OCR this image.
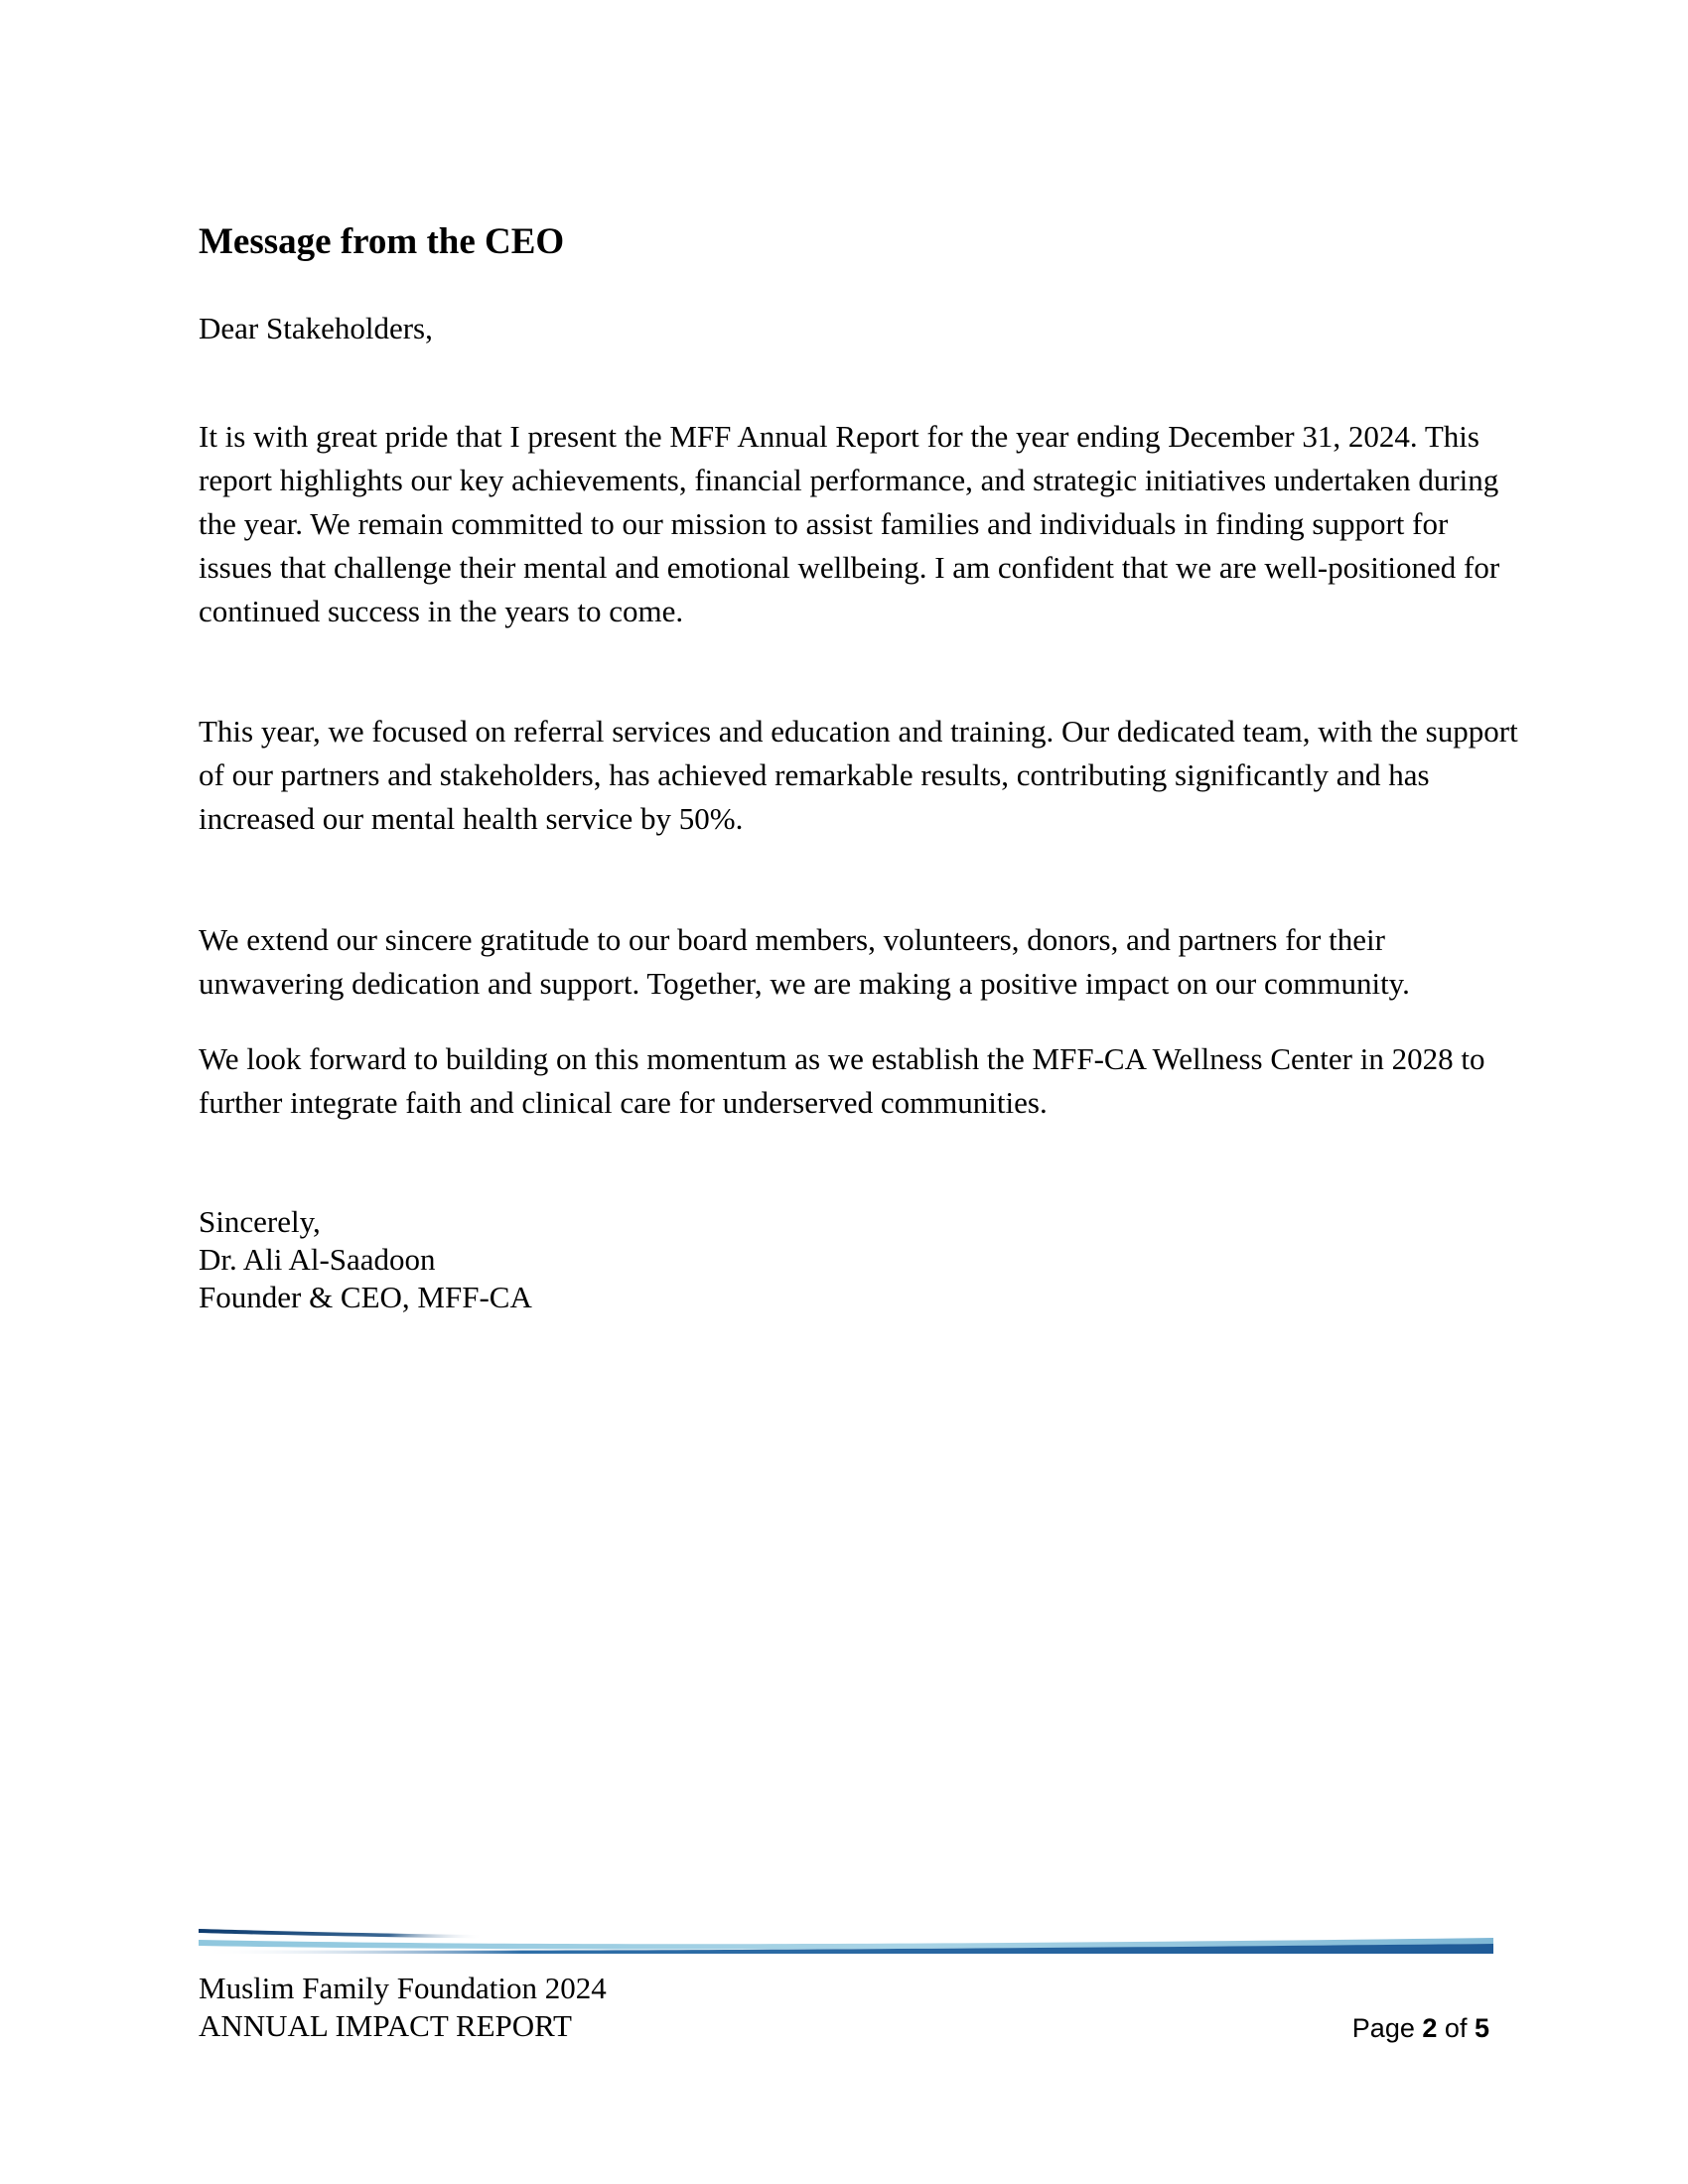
Message from the CEO

Dear Stakeholders,

It is with great pride that I present the MFF Annual Report for the year ending December 31, 2024. This report highlights our key achievements, financial performance, and strategic initiatives undertaken during the year. We remain committed to our mission to assist families and individuals in finding support for issues that challenge their mental and emotional wellbeing. I am confident that we are well-positioned for continued success in the years to come.

This year, we focused on referral services and education and training. Our dedicated team, with the support of our partners and stakeholders, has achieved remarkable results, contributing significantly and has increased our mental health service by 50%.

We extend our sincere gratitude to our board members, volunteers, donors, and partners for their unwavering dedication and support. Together, we are making a positive impact on our community.

We look forward to building on this momentum as we establish the MFF-CA Wellness Center in 2028 to further integrate faith and clinical care for underserved communities.

Sincerely,
Dr. Ali Al-Saadoon
Founder & CEO, MFF-CA
Muslim Family Foundation 2024
ANNUAL IMPACT REPORT	Page 2 of 5
